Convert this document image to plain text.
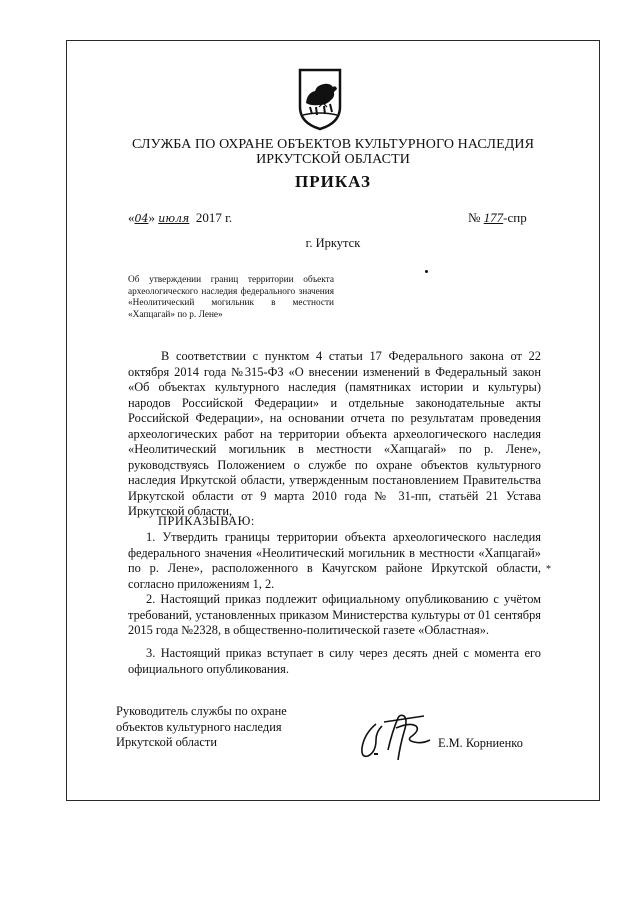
СЛУЖБА ПО ОХРАНЕ ОБЪЕКТОВ КУЛЬТУРНОГО НАСЛЕДИЯ
ИРКУТСКОЙ ОБЛАСТИ
ПРИКАЗ
«04» июля 2017 г.	№ 177-спр
г. Иркутск
Об утверждении границ территории объекта археологического наследия федерального значения «Неолитический могильник в местности «Хапцагай» по р. Лене»
В соответствии с пунктом 4 статьи 17 Федерального закона от 22 октября 2014 года №315-ФЗ «О внесении изменений в Федеральный закон «Об объектах культурного наследия (памятниках истории и культуры) народов Российской Федерации» и отдельные законодательные акты Российской Федерации», на основании отчета по результатам проведения археологических работ на территории объекта археологического наследия «Неолитический могильник в местности «Хапцагай» по р. Лене», руководствуясь Положением о службе по охране объектов культурного наследия Иркутской области, утвержденным постановлением Правительства Иркутской области от 9 марта 2010 года № 31-пп, статьёй 21 Устава Иркутской области,
ПРИКАЗЫВАЮ:
1. Утвердить границы территории объекта археологического наследия федерального значения «Неолитический могильник в местности «Хапцагай» по р. Лене», расположенного в Качугском районе Иркутской области, согласно приложениям 1, 2.
*
2. Настоящий приказ подлежит официальному опубликованию с учётом требований, установленных приказом Министерства культуры от 01 сентября 2015 года №2328, в общественно-политической газете «Областная».
3. Настоящий приказ вступает в силу через десять дней с момента его официального опубликования.
Руководитель службы по охране
объектов культурного наследия
Иркутской области	Е.М. Корниенко
